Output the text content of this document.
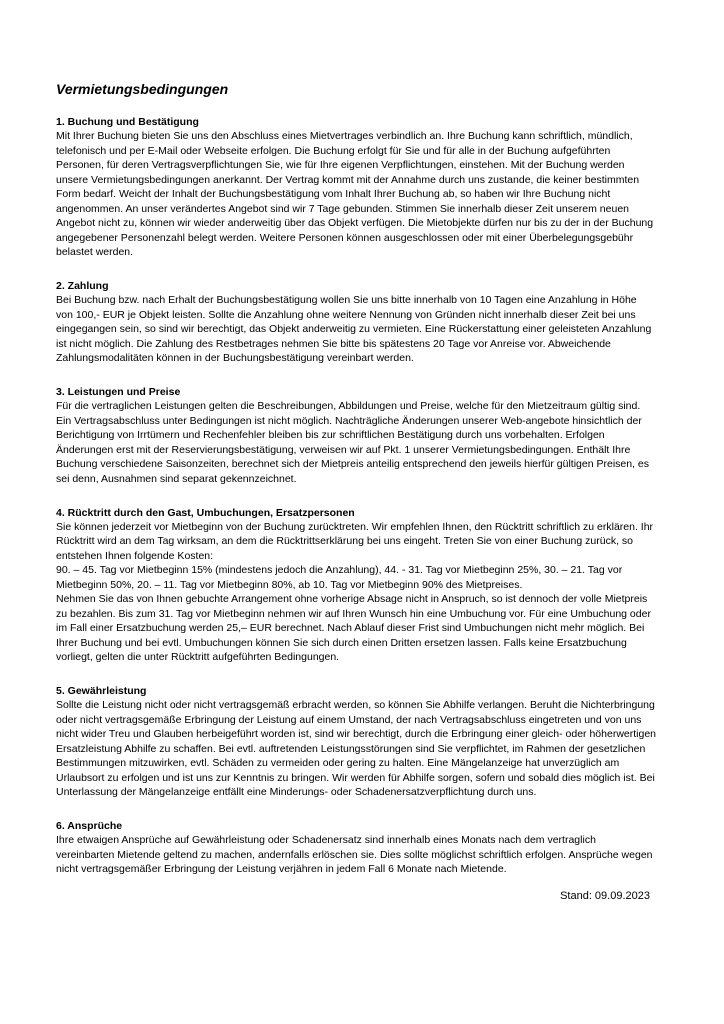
Vermietungsbedingungen

1. Buchung und Bestätigung

Mit Ihrer Buchung bieten Sie uns den Abschluss eines Mietvertrages verbindlich an. Ihre Buchung kann schriftlich, mündlich, telefonisch und per E-Mail oder Webseite erfolgen. Die Buchung erfolgt für Sie und für alle in der Buchung aufgeführten Personen, für deren Vertragsverpflichtungen Sie, wie für Ihre eigenen Verpflichtungen, einstehen. Mit der Buchung werden unsere Vermietungsbedingungen anerkannt. Der Vertrag kommt mit der Annahme durch uns zustande, die keiner bestimmten Form bedarf. Weicht der Inhalt der Buchungsbestätigung vom Inhalt Ihrer Buchung ab, so haben wir Ihre Buchung nicht angenommen. An unser verändertes Angebot sind wir 7 Tage gebunden. Stimmen Sie innerhalb dieser Zeit unserem neuen Angebot nicht zu, können wir wieder anderweitig über das Objekt verfügen. Die Mietobjekte dürfen nur bis zu der in der Buchung angegebener Personenzahl belegt werden. Weitere Personen können ausgeschlossen oder mit einer Überbelegungsgebühr belastet werden.

2. Zahlung

Bei Buchung bzw. nach Erhalt der Buchungsbestätigung wollen Sie uns bitte innerhalb von 10 Tagen eine Anzahlung in Höhe von 100,- EUR je Objekt leisten. Sollte die Anzahlung ohne weitere Nennung von Gründen nicht innerhalb dieser Zeit bei uns eingegangen sein, so sind wir berechtigt, das Objekt anderweitig zu vermieten. Eine Rückerstattung einer geleisteten Anzahlung ist nicht möglich. Die Zahlung des Restbetrages nehmen Sie bitte bis spätestens 20 Tage vor Anreise vor. Abweichende Zahlungsmodalitäten können in der Buchungsbestätigung vereinbart werden.

3. Leistungen und Preise

Für die vertraglichen Leistungen gelten die Beschreibungen, Abbildungen und Preise, welche für den Mietzeitraum gültig sind. Ein Vertragsabschluss unter Bedingungen ist nicht möglich. Nachträgliche Änderungen unserer Web-angebote hinsichtlich der Berichtigung von Irrtümern und Rechenfehler bleiben bis zur schriftlichen Bestätigung durch uns vorbehalten. Erfolgen Änderungen erst mit der Reservierungsbestätigung, verweisen wir auf Pkt. 1 unserer Vermietungsbedingungen. Enthält Ihre Buchung verschiedene Saisonzeiten, berechnet sich der Mietpreis anteilig entsprechend den jeweils hierfür gültigen Preisen, es sei denn, Ausnahmen sind separat gekennzeichnet.

4. Rücktritt durch den Gast, Umbuchungen, Ersatzpersonen

Sie können jederzeit vor Mietbeginn von der Buchung zurücktreten. Wir empfehlen Ihnen, den Rücktritt schriftlich zu erklären. Ihr Rücktritt wird an dem Tag wirksam, an dem die Rücktrittserklärung bei uns eingeht. Treten Sie von einer Buchung zurück, so entstehen Ihnen folgende Kosten:
90. – 45. Tag vor Mietbeginn 15% (mindestens jedoch die Anzahlung), 44. - 31. Tag vor Mietbeginn 25%, 30. – 21. Tag vor Mietbeginn 50%, 20. – 11. Tag vor Mietbeginn 80%, ab 10. Tag vor Mietbeginn 90% des Mietpreises.
Nehmen Sie das von Ihnen gebuchte Arrangement ohne vorherige Absage nicht in Anspruch, so ist dennoch der volle Mietpreis zu bezahlen. Bis zum 31. Tag vor Mietbeginn nehmen wir auf Ihren Wunsch hin eine Umbuchung vor. Für eine Umbuchung oder im Fall einer Ersatzbuchung werden 25,– EUR berechnet. Nach Ablauf dieser Frist sind Umbuchungen nicht mehr möglich. Bei Ihrer Buchung und bei evtl. Umbuchungen können Sie sich durch einen Dritten ersetzen lassen. Falls keine Ersatzbuchung vorliegt, gelten die unter Rücktritt aufgeführten Bedingungen.

5. Gewährleistung

Sollte die Leistung nicht oder nicht vertragsgemäß erbracht werden, so können Sie Abhilfe verlangen. Beruht die Nichterbringung oder nicht vertragsgemäße Erbringung der Leistung auf einem Umstand, der nach Vertragsabschluss eingetreten und von uns nicht wider Treu und Glauben herbeigeführt worden ist, sind wir berechtigt, durch die Erbringung einer gleich- oder höherwertigen Ersatzleistung Abhilfe zu schaffen. Bei evtl. auftretenden Leistungsstörungen sind Sie verpflichtet, im Rahmen der gesetzlichen Bestimmungen mitzuwirken, evtl. Schäden zu vermeiden oder gering zu halten. Eine Mängelanzeige hat unverzüglich am Urlaubsort zu erfolgen und ist uns zur Kenntnis zu bringen. Wir werden für Abhilfe sorgen, sofern und sobald dies möglich ist. Bei Unterlassung der Mängelanzeige entfällt eine Minderungs- oder Schadenersatzverpflichtung durch uns.

6. Ansprüche

Ihre etwaigen Ansprüche auf Gewährleistung oder Schadenersatz sind innerhalb eines Monats nach dem vertraglich vereinbarten Mietende geltend zu machen, andernfalls erlöschen sie. Dies sollte möglichst schriftlich erfolgen. Ansprüche wegen nicht vertragsgemäßer Erbringung der Leistung verjähren in jedem Fall 6 Monate nach Mietende.

Stand: 09.09.2023
